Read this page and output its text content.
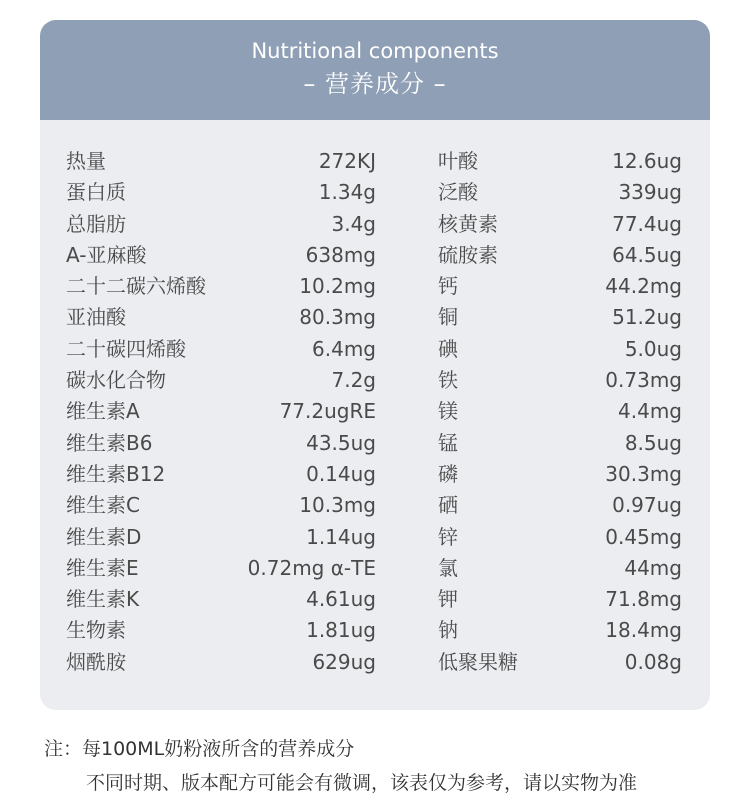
Nutritional components
– 营养成分 –
热量	272KJ	叶酸	12.6ug
蛋白质	1.34g	泛酸	339ug
总脂肪	3.4g	核黄素	77.4ug
A-亚麻酸	638mg	硫胺素	64.5ug
二十二碳六烯酸	10.2mg	钙	44.2mg
亚油酸	80.3mg	铜	51.2ug
二十碳四烯酸	6.4mg	碘	5.0ug
碳水化合物	7.2g	铁	0.73mg
维生素A	77.2ugRE	镁	4.4mg
维生素B6	43.5ug	锰	8.5ug
维生素B12	0.14ug	磷	30.3mg
维生素C	10.3mg	硒	0.97ug
维生素D	1.14ug	锌	0.45mg
维生素E	0.72mg α-TE	氯	44mg
维生素K	4.61ug	钾	71.8mg
生物素	1.81ug	钠	18.4mg
烟酰胺	629ug	低聚果糖	0.08g
注：每100ML奶粉液所含的营养成分
不同时期、版本配方可能会有微调，该表仅为参考，请以实物为准
